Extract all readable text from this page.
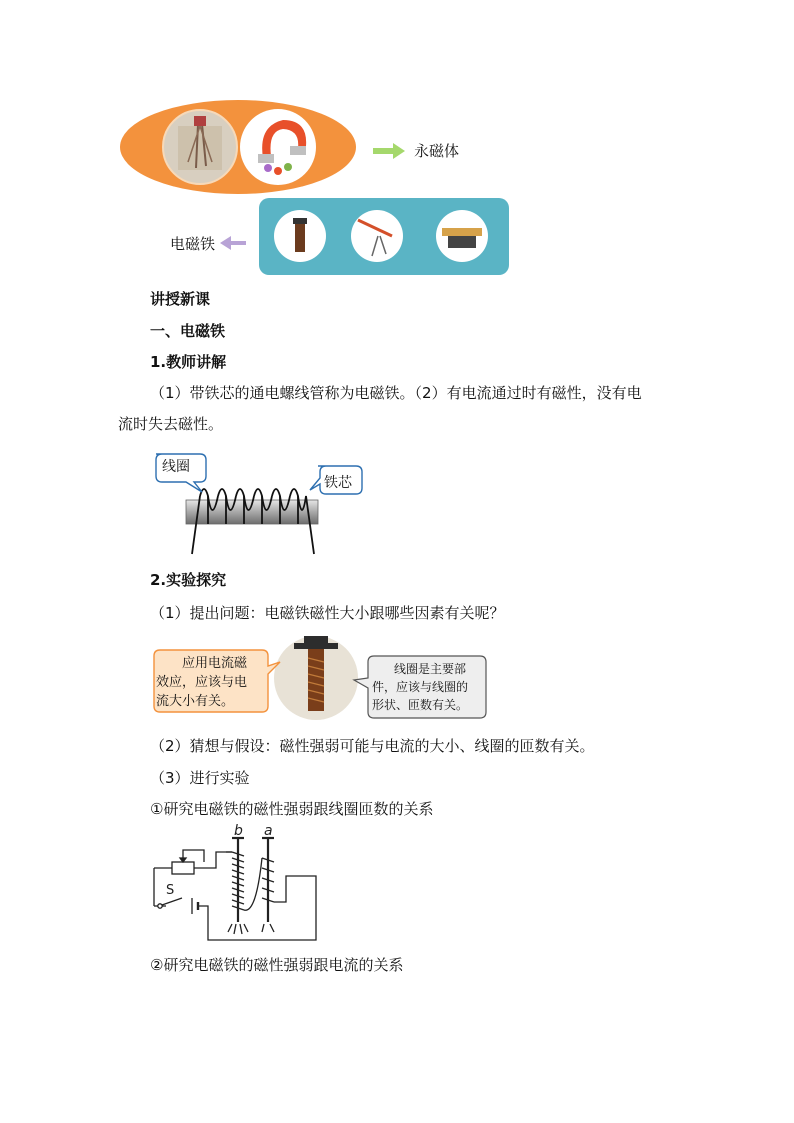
永磁体
电磁铁
讲授新课
一、电磁铁
1.教师讲解
（1）带铁芯的通电螺线管称为电磁铁。（2）有电流通过时有磁性，没有电
流时失去磁性。
线圈
铁芯
2.实验探究
（1）提出问题：电磁铁磁性大小跟哪些因素有关呢？
应用电流磁
效应，应该与电
流大小有关。
线圈是主要部
件，应该与线圈的
形状、匝数有关。
（2）猜想与假设：磁性强弱可能与电流的大小、线圈的匝数有关。
（3）进行实验
①研究电磁铁的磁性强弱跟线圈匝数的关系
b a
S
②研究电磁铁的磁性强弱跟电流的关系
